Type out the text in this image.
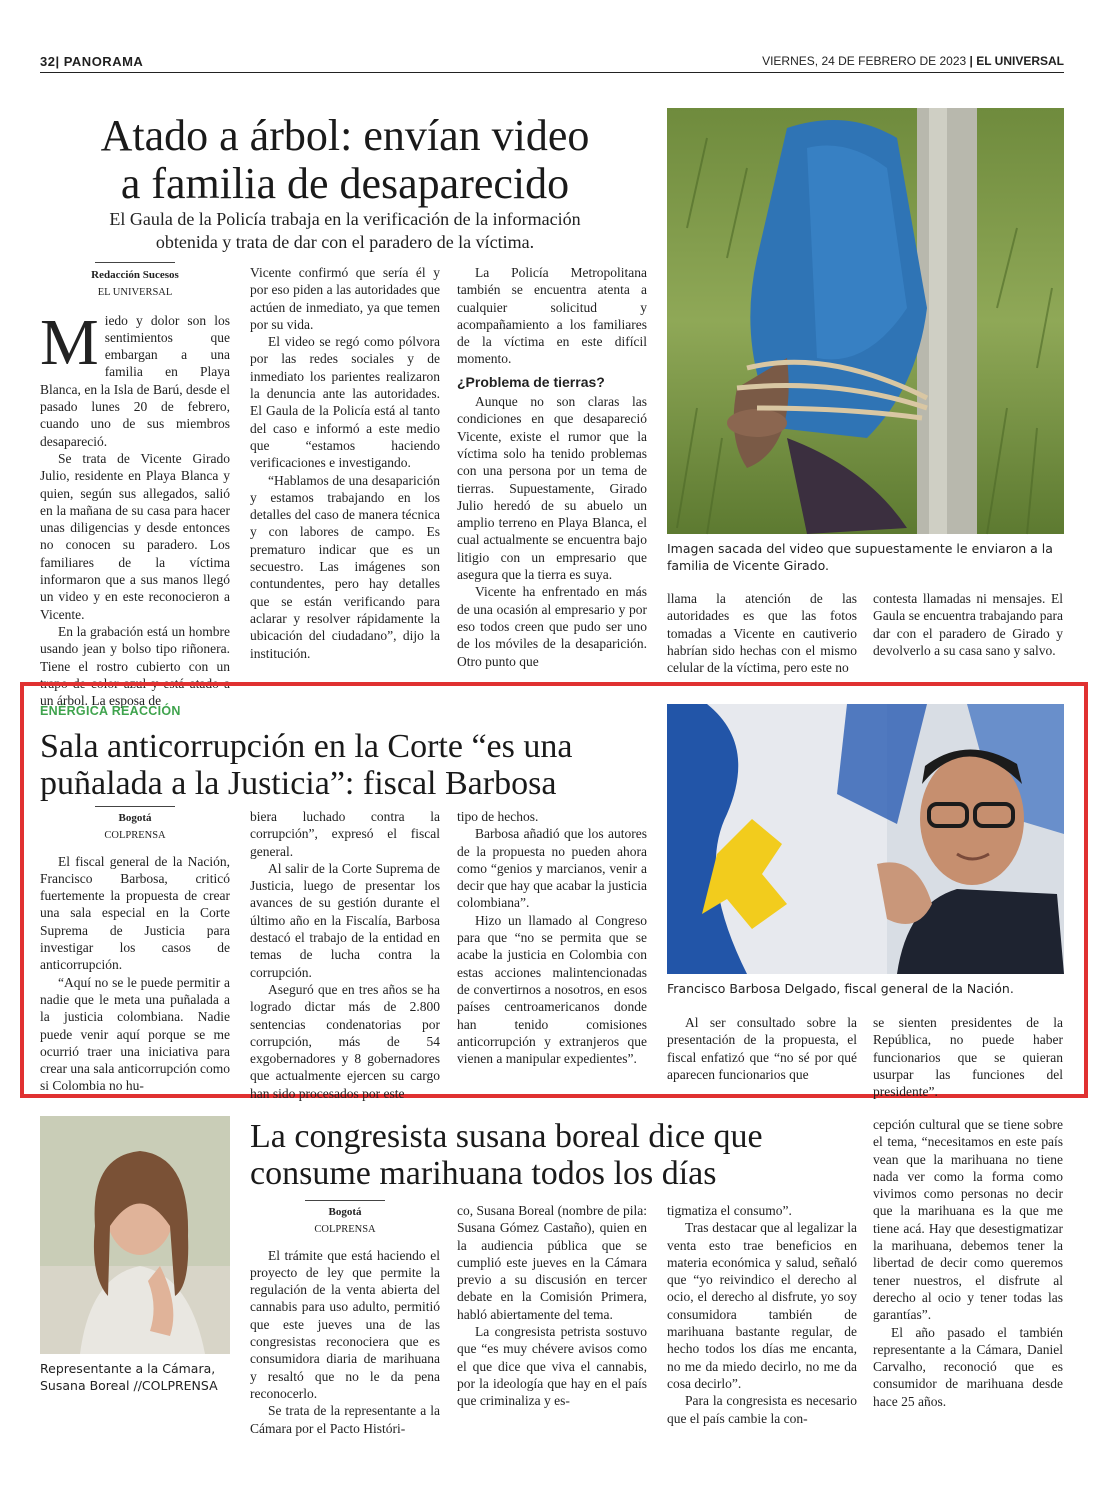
32| PANORAMA	VIERNES, 24 DE FEBRERO DE 2023 | EL UNIVERSAL
Atado a árbol: envían video
a familia de desaparecido
El Gaula de la Policía trabaja en la verificación de la información
obtenida y trata de dar con el paradero de la víctima.
Redacción Sucesos
EL UNIVERSAL

Miedo y dolor son los sentimientos que embargan a una familia en Playa Blanca, en la Isla de Barú, desde el pasado lunes 20 de febrero, cuando uno de sus miembros desapareció.

Se trata de Vicente Girado Julio, residente en Playa Blanca y quien, según sus allegados, salió en la mañana de su casa para hacer unas diligencias y desde entonces no conocen su paradero. Los familiares de la víctima informaron que a sus manos llegó un video y en este reconocieron a Vicente.

En la grabación está un hombre usando jean y bolso tipo riñonera. Tiene el rostro cubierto con un trapo de color azul y está atado a un árbol. La esposa de

Vicente confirmó que sería él y por eso piden a las autoridades que actúen de inmediato, ya que temen por su vida.

El video se regó como pólvora por las redes sociales y de inmediato los parientes realizaron la denuncia ante las autoridades. El Gaula de la Policía está al tanto del caso e informó a este medio que “estamos haciendo verificaciones e investigando.

“Hablamos de una desaparición y estamos trabajando en los detalles del caso de manera técnica y con labores de campo. Es prematuro indicar que es un secuestro. Las imágenes son contundentes, pero hay detalles que se están verificando para aclarar y resolver rápidamente la ubicación del ciudadano”, dijo la institución.

La Policía Metropolitana también se encuentra atenta a cualquier solicitud y acompañamiento a los familiares de la víctima en este difícil momento.

¿Problema de tierras?

Aunque no son claras las condiciones en que desapareció Vicente, existe el rumor que la víctima solo ha tenido problemas con una persona por un tema de tierras. Supuestamente, Girado Julio heredó de su abuelo un amplio terreno en Playa Blanca, el cual actualmente se encuentra bajo litigio con un empresario que asegura que la tierra es suya.

Vicente ha enfrentado en más de una ocasión al empresario y por eso todos creen que pudo ser uno de los móviles de la desaparición. Otro punto que

llama la atención de las autoridades es que las fotos tomadas a Vicente en cautiverio habrían sido hechas con el mismo celular de la víctima, pero este no

contesta llamadas ni mensajes. El Gaula se encuentra trabajando para dar con el paradero de Girado y devolverlo a su casa sano y salvo.

Imagen sacada del video que supuestamente le enviaron a la familia de Vicente Girado.
ENÉRGICA REACCIÓN
Sala anticorrupción en la Corte “es una
puñalada a la Justicia”: fiscal Barbosa
Bogotá
COLPRENSA

El fiscal general de la Nación, Francisco Barbosa, criticó fuertemente la propuesta de crear una sala especial en la Corte Suprema de Justicia para investigar los casos de anticorrupción.

“Aquí no se le puede permitir a nadie que le meta una puñalada a la justicia colombiana. Nadie puede venir aquí porque se me ocurrió traer una iniciativa para crear una sala anticorrupción como si Colombia no hu-

biera luchado contra la corrupción”, expresó el fiscal general.

Al salir de la Corte Suprema de Justicia, luego de presentar los avances de su gestión durante el último año en la Fiscalía, Barbosa destacó el trabajo de la entidad en temas de lucha contra la corrupción.

Aseguró que en tres años se ha logrado dictar más de 2.800 sentencias condenatorias por corrupción, más de 54 exgobernadores y 8 gobernadores que actualmente ejercen su cargo han sido procesados por este

tipo de hechos.

Barbosa añadió que los autores de la propuesta no pueden ahora como “genios y marcianos, venir a decir que hay que acabar la justicia colombiana”.

Hizo un llamado al Congreso para que “no se permita que se acabe la justicia en Colombia con estas acciones malintencionadas de convertirnos a nosotros, en esos países centroamericanos donde han tenido comisiones anticorrupción y extranjeros que vienen a manipular expedientes”.

Francisco Barbosa Delgado, fiscal general de la Nación.

Al ser consultado sobre la presentación de la propuesta, el fiscal enfatizó que “no sé por qué aparecen funcionarios que

se sienten presidentes de la República, no puede haber funcionarios que se quieran usurpar las funciones del presidente”.

Representante a la Cámara, Susana Boreal //COLPRENSA
La congresista susana boreal dice que
consume marihuana todos los días
Bogotá
COLPRENSA

El trámite que está haciendo el proyecto de ley que permite la regulación de la venta abierta del cannabis para uso adulto, permitió que este jueves una de las congresistas reconociera que es consumidora diaria de marihuana y resaltó que no le da pena reconocerlo.

Se trata de la representante a la Cámara por el Pacto Históri-

co, Susana Boreal (nombre de pila: Susana Gómez Castaño), quien en la audiencia pública que se cumplió este jueves en la Cámara previo a su discusión en tercer debate en la Comisión Primera, habló abiertamente del tema.

La congresista petrista sostuvo que “es muy chévere avisos como el que dice que viva el cannabis, por la ideología que hay en el país que criminaliza y es-

tigmatiza el consumo”.

Tras destacar que al legalizar la venta esto trae beneficios en materia económica y salud, señaló que “yo reivindico el derecho al ocio, el derecho al disfrute, yo soy consumidora también de marihuana bastante regular, de hecho todos los días me encanta, no me da miedo decirlo, no me da cosa decirlo”.

Para la congresista es necesario que el país cambie la con-

cepción cultural que se tiene sobre el tema, “necesitamos en este país vean que la marihuana no tiene nada ver como la forma como vivimos como personas no decir que la marihuana es la que me tiene acá. Hay que desestigmatizar la marihuana, debemos tener la libertad de decir como queremos tener nuestros, el disfrute al derecho al ocio y tener todas las garantías”.

El año pasado el también representante a la Cámara, Daniel Carvalho, reconoció que es consumidor de marihuana desde hace 25 años.
